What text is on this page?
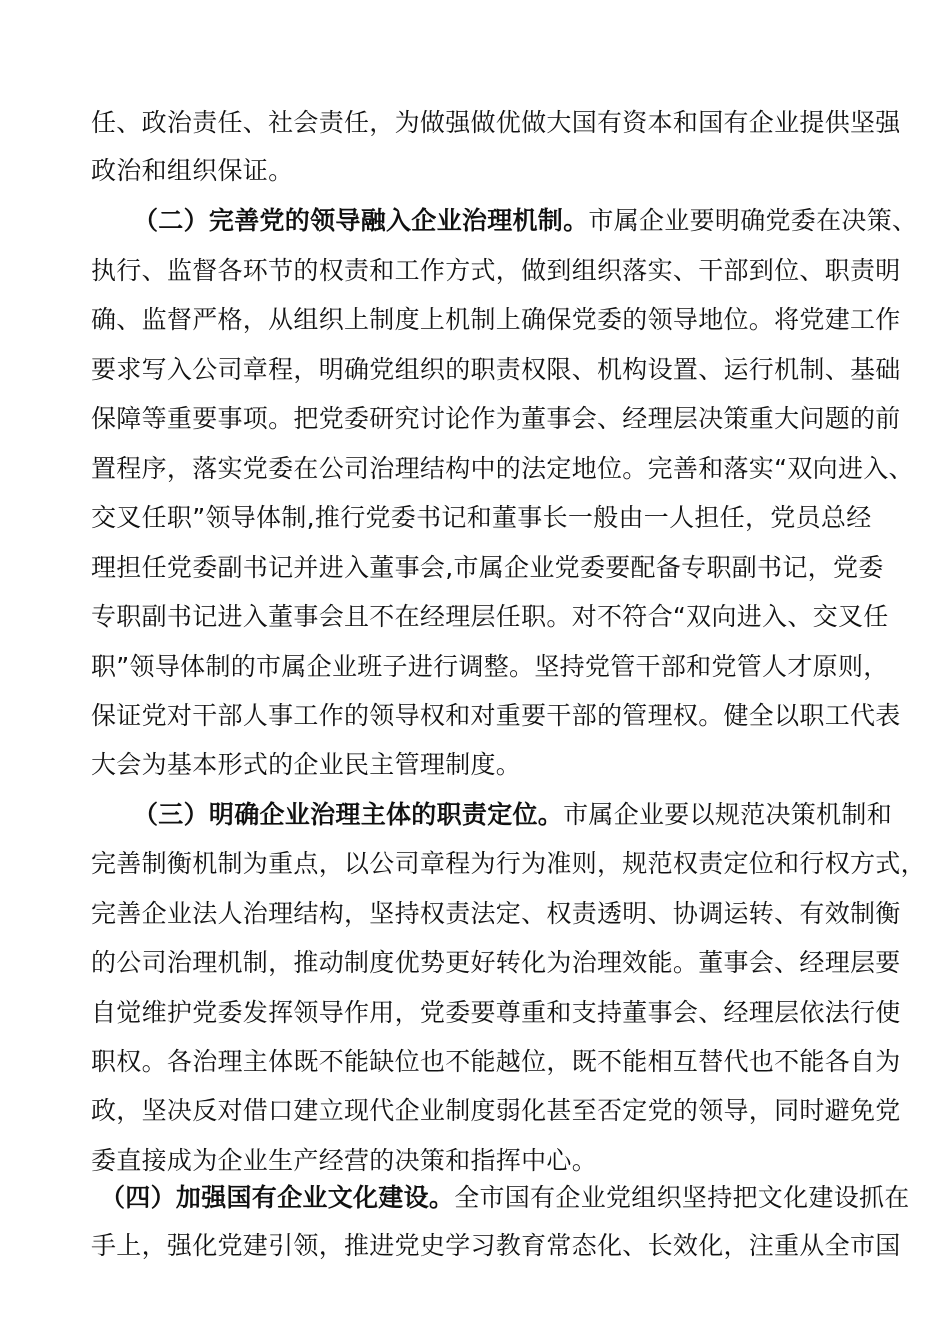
任、政治责任、社会责任，为做强做优做大国有资本和国有企业提供坚强
政治和组织保证。
（二）完善党的领导融入企业治理机制。市属企业要明确党委在决策、
执行、监督各环节的权责和工作方式，做到组织落实、干部到位、职责明
确、监督严格，从组织上制度上机制上确保党委的领导地位。将党建工作
要求写入公司章程，明确党组织的职责权限、机构设置、运行机制、基础
保障等重要事项。把党委研究讨论作为董事会、经理层决策重大问题的前
置程序，落实党委在公司治理结构中的法定地位。完善和落实“双向进入、
交叉任职”领导体制,推行党委书记和董事长一般由一人担任，党员总经
理担任党委副书记并进入董事会,市属企业党委要配备专职副书记，党委
专职副书记进入董事会且不在经理层任职。对不符合“双向进入、交叉任
职”领导体制的市属企业班子进行调整。坚持党管干部和党管人才原则，
保证党对干部人事工作的领导权和对重要干部的管理权。健全以职工代表
大会为基本形式的企业民主管理制度。
（三）明确企业治理主体的职责定位。市属企业要以规范决策机制和
完善制衡机制为重点，以公司章程为行为准则，规范权责定位和行权方式，
完善企业法人治理结构，坚持权责法定、权责透明、协调运转、有效制衡
的公司治理机制，推动制度优势更好转化为治理效能。董事会、经理层要
自觉维护党委发挥领导作用，党委要尊重和支持董事会、经理层依法行使
职权。各治理主体既不能缺位也不能越位，既不能相互替代也不能各自为
政，坚决反对借口建立现代企业制度弱化甚至否定党的领导，同时避免党
委直接成为企业生产经营的决策和指挥中心。
（四）加强国有企业文化建设。全市国有企业党组织坚持把文化建设抓在
手上，强化党建引领，推进党史学习教育常态化、长效化，注重从全市国
